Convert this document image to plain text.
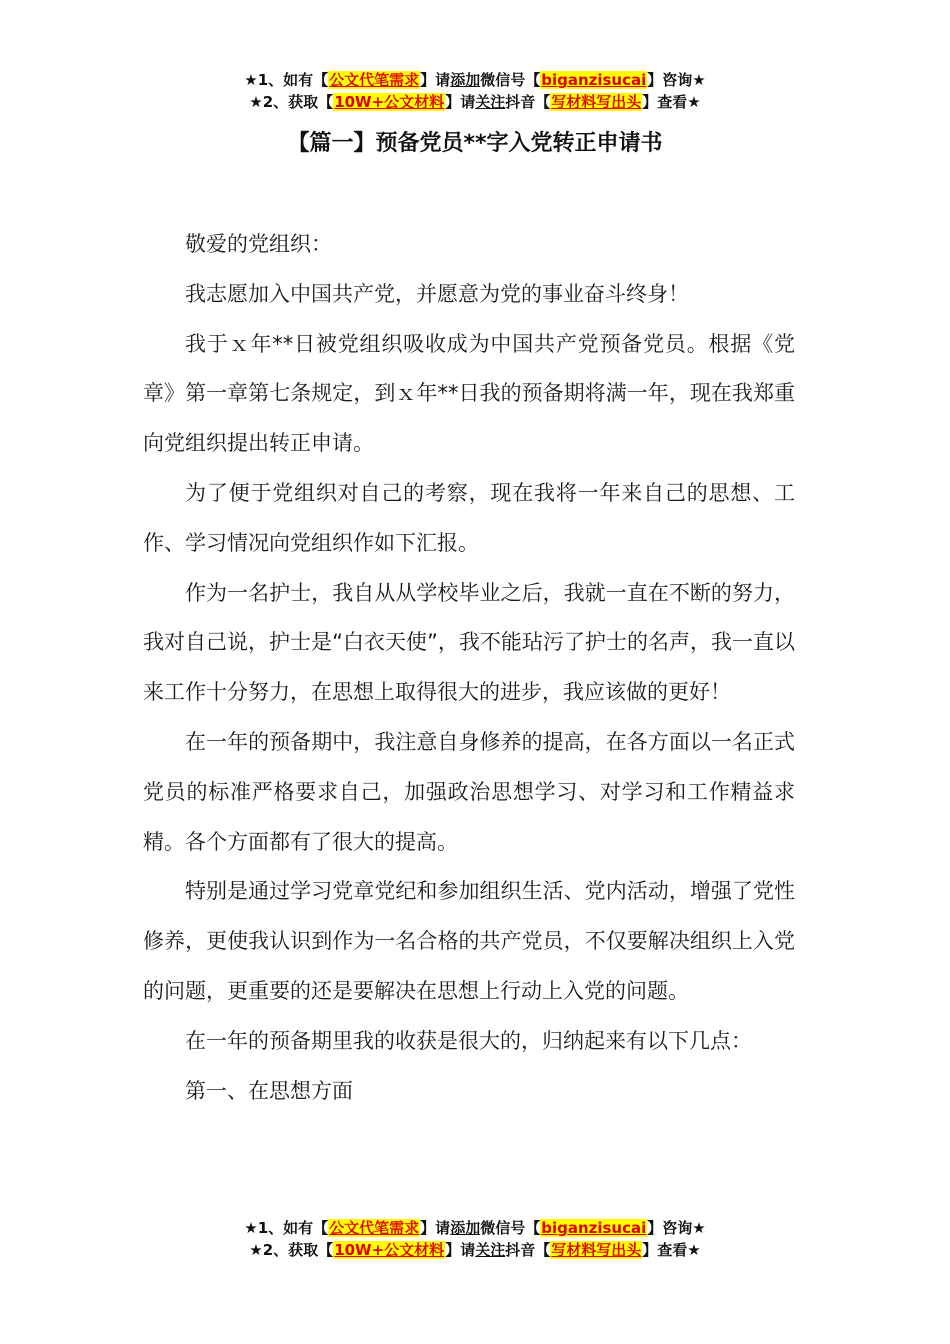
★1、如有【公文代笔需求】请添加微信号【biganzisucai】咨询★
★2、获取【10W+公文材料】请关注抖音【写材料写出头】查看★
【篇一】预备党员**字入党转正申请书

敬爱的党组织：

我志愿加入中国共产党，并愿意为党的事业奋斗终身！

我于ｘ年**日被党组织吸收成为中国共产党预备党员。根据《党章》第一章第七条规定，到ｘ年**日我的预备期将满一年，现在我郑重向党组织提出转正申请。

为了便于党组织对自己的考察，现在我将一年来自己的思想、工作、学习情况向党组织作如下汇报。

作为一名护士，我自从从学校毕业之后，我就一直在不断的努力，我对自己说，护士是“白衣天使”，我不能玷污了护士的名声，我一直以来工作十分努力，在思想上取得很大的进步，我应该做的更好！

在一年的预备期中，我注意自身修养的提高，在各方面以一名正式党员的标准严格要求自己，加强政治思想学习、对学习和工作精益求精。各个方面都有了很大的提高。

特别是通过学习党章党纪和参加组织生活、党内活动，增强了党性修养，更使我认识到作为一名合格的共产党员，不仅要解决组织上入党的问题，更重要的还是要解决在思想上行动上入党的问题。

在一年的预备期里我的收获是很大的，归纳起来有以下几点：

第一、在思想方面

★1、如有【公文代笔需求】请添加微信号【biganzisucai】咨询★
★2、获取【10W+公文材料】请关注抖音【写材料写出头】查看★
